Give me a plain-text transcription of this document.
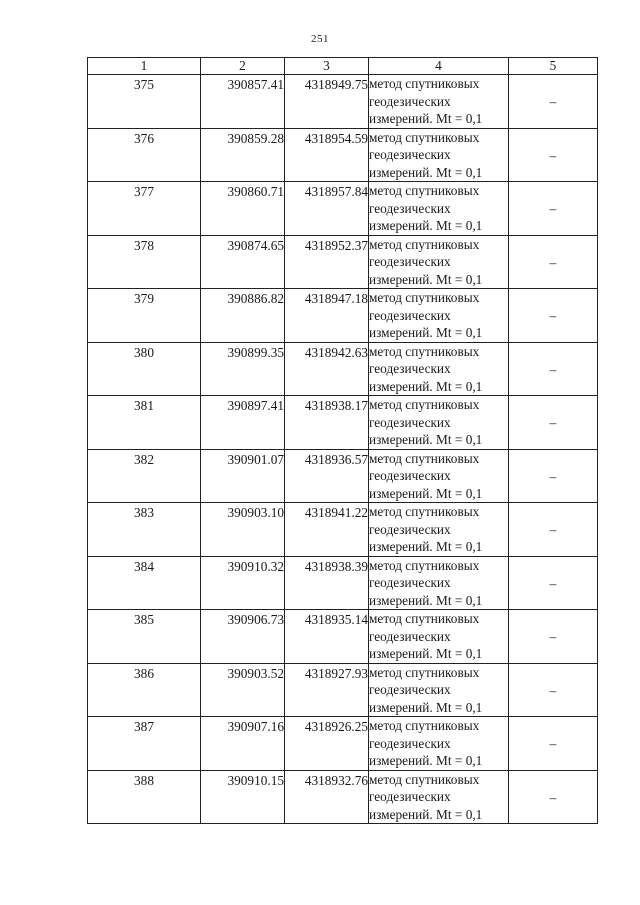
251
1	2	3	4	5

375	390857.41	4318949.75	метод спутниковых геодезических измерений. Mt = 0,1	–

376	390859.28	4318954.59	метод спутниковых геодезических измерений. Mt = 0,1	–

377	390860.71	4318957.84	метод спутниковых геодезических измерений. Mt = 0,1	–

378	390874.65	4318952.37	метод спутниковых геодезических измерений. Mt = 0,1	–

379	390886.82	4318947.18	метод спутниковых геодезических измерений. Mt = 0,1	–

380	390899.35	4318942.63	метод спутниковых геодезических измерений. Mt = 0,1	–

381	390897.41	4318938.17	метод спутниковых геодезических измерений. Mt = 0,1	–

382	390901.07	4318936.57	метод спутниковых геодезических измерений. Mt = 0,1	–

383	390903.10	4318941.22	метод спутниковых геодезических измерений. Mt = 0,1	–

384	390910.32	4318938.39	метод спутниковых геодезических измерений. Mt = 0,1	–

385	390906.73	4318935.14	метод спутниковых геодезических измерений. Mt = 0,1	–

386	390903.52	4318927.93	метод спутниковых геодезических измерений. Mt = 0,1	–

387	390907.16	4318926.25	метод спутниковых геодезических измерений. Mt = 0,1	–

388	390910.15	4318932.76	метод спутниковых геодезических измерений. Mt = 0,1	–
